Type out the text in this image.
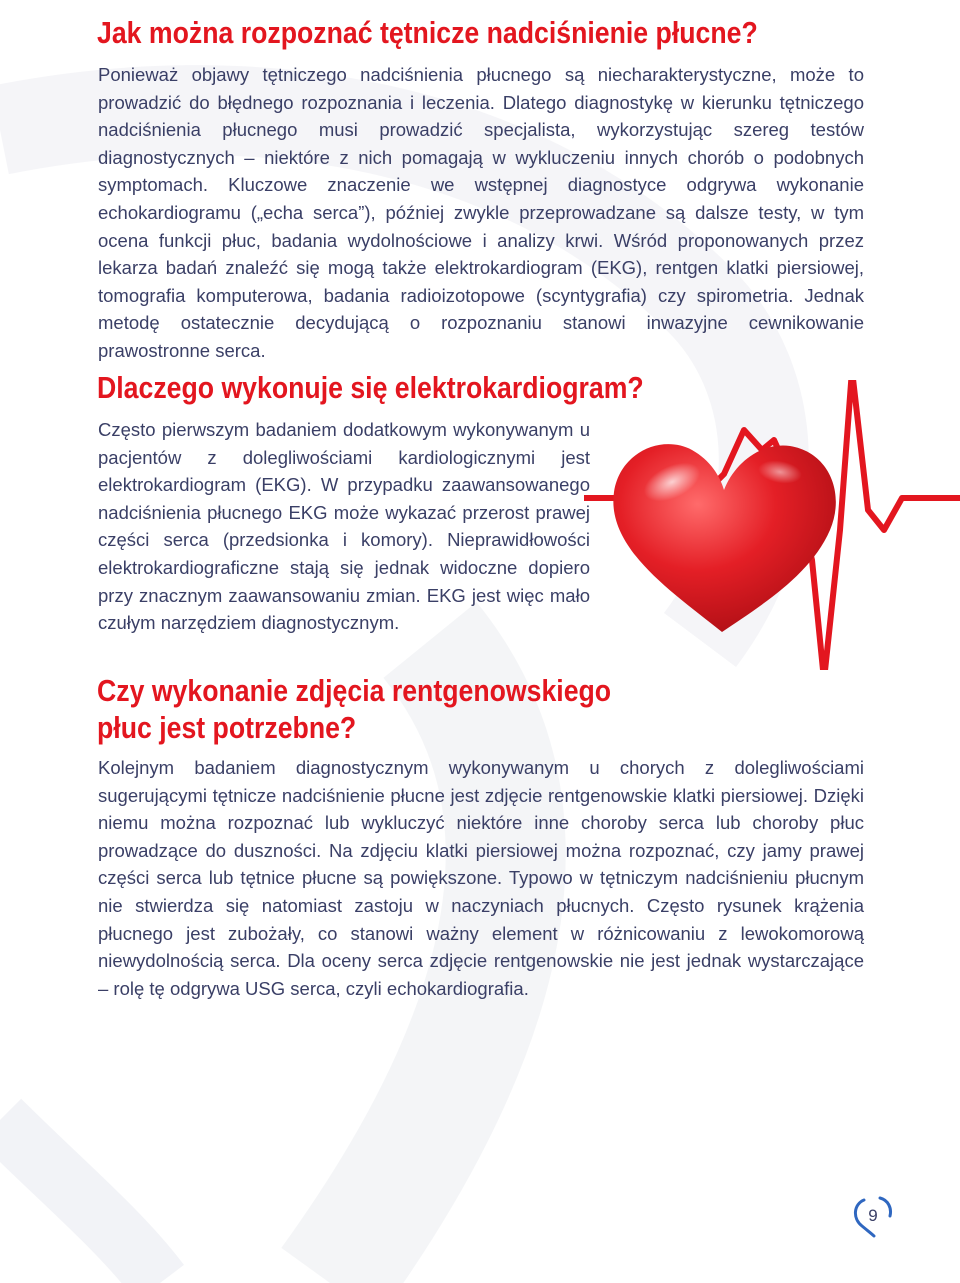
Jak można rozpoznać tętnicze nadciśnienie płucne?

Ponieważ objawy tętniczego nadciśnienia płucnego są niecharakterystyczne, może to prowadzić do błędnego rozpoznania i leczenia. Dlatego diagnostykę w kierunku tętniczego nadciśnienia płucnego musi prowadzić specjalista, wykorzystując szereg testów diagnostycznych – niektóre z nich pomagają w wykluczeniu innych chorób o podobnych symptomach. Kluczowe znaczenie we wstępnej diagnostyce odgrywa wykonanie echokardiogramu („echa serca”), później zwykle przeprowadzane są dalsze testy, w tym ocena funkcji płuc, badania wydolnościowe i analizy krwi. Wśród proponowanych przez lekarza badań znaleźć się mogą także elektrokardiogram (EKG), rentgen klatki piersiowej, tomografia komputerowa, badania radioizotopowe (scyntygrafia) czy spirometria. Jednak metodę ostatecznie decydującą o rozpoznaniu stanowi inwazyjne cewnikowanie prawostronne serca.

Dlaczego wykonuje się elektrokardiogram?

Często pierwszym badaniem dodatkowym wykonywanym u pacjentów z dolegliwościami kardiologicznymi jest elektrokardiogram (EKG). W przypadku zaawansowanego nadciśnienia płucnego EKG może wykazać przerost prawej części serca (przedsionka i komory). Nieprawidłowości elektrokardiograficzne stają się jednak widoczne dopiero przy znacznym zaawansowaniu zmian. EKG jest więc mało czułym narzędziem diagnostycznym.

Czy wykonanie zdjęcia rentgenowskiego
płuc jest potrzebne?

Kolejnym badaniem diagnostycznym wykonywanym u chorych z dolegliwościami sugerującymi tętnicze nadciśnienie płucne jest zdjęcie rentgenowskie klatki piersiowej. Dzięki niemu można rozpoznać lub wykluczyć niektóre inne choroby serca lub choroby płuc prowadzące do duszności. Na zdjęciu klatki piersiowej można rozpoznać, czy jamy prawej części serca lub tętnice płucne są powiększone. Typowo w tętniczym nadciśnieniu płucnym nie stwierdza się natomiast zastoju w naczyniach płucnych. Często rysunek krążenia płucnego jest zubożały, co stanowi ważny element w różnicowaniu z lewokomorową niewydolnością serca. Dla oceny serca zdjęcie rentgenowskie nie jest jednak wystarczające – rolę tę odgrywa USG serca, czyli echokardiografia.

9
